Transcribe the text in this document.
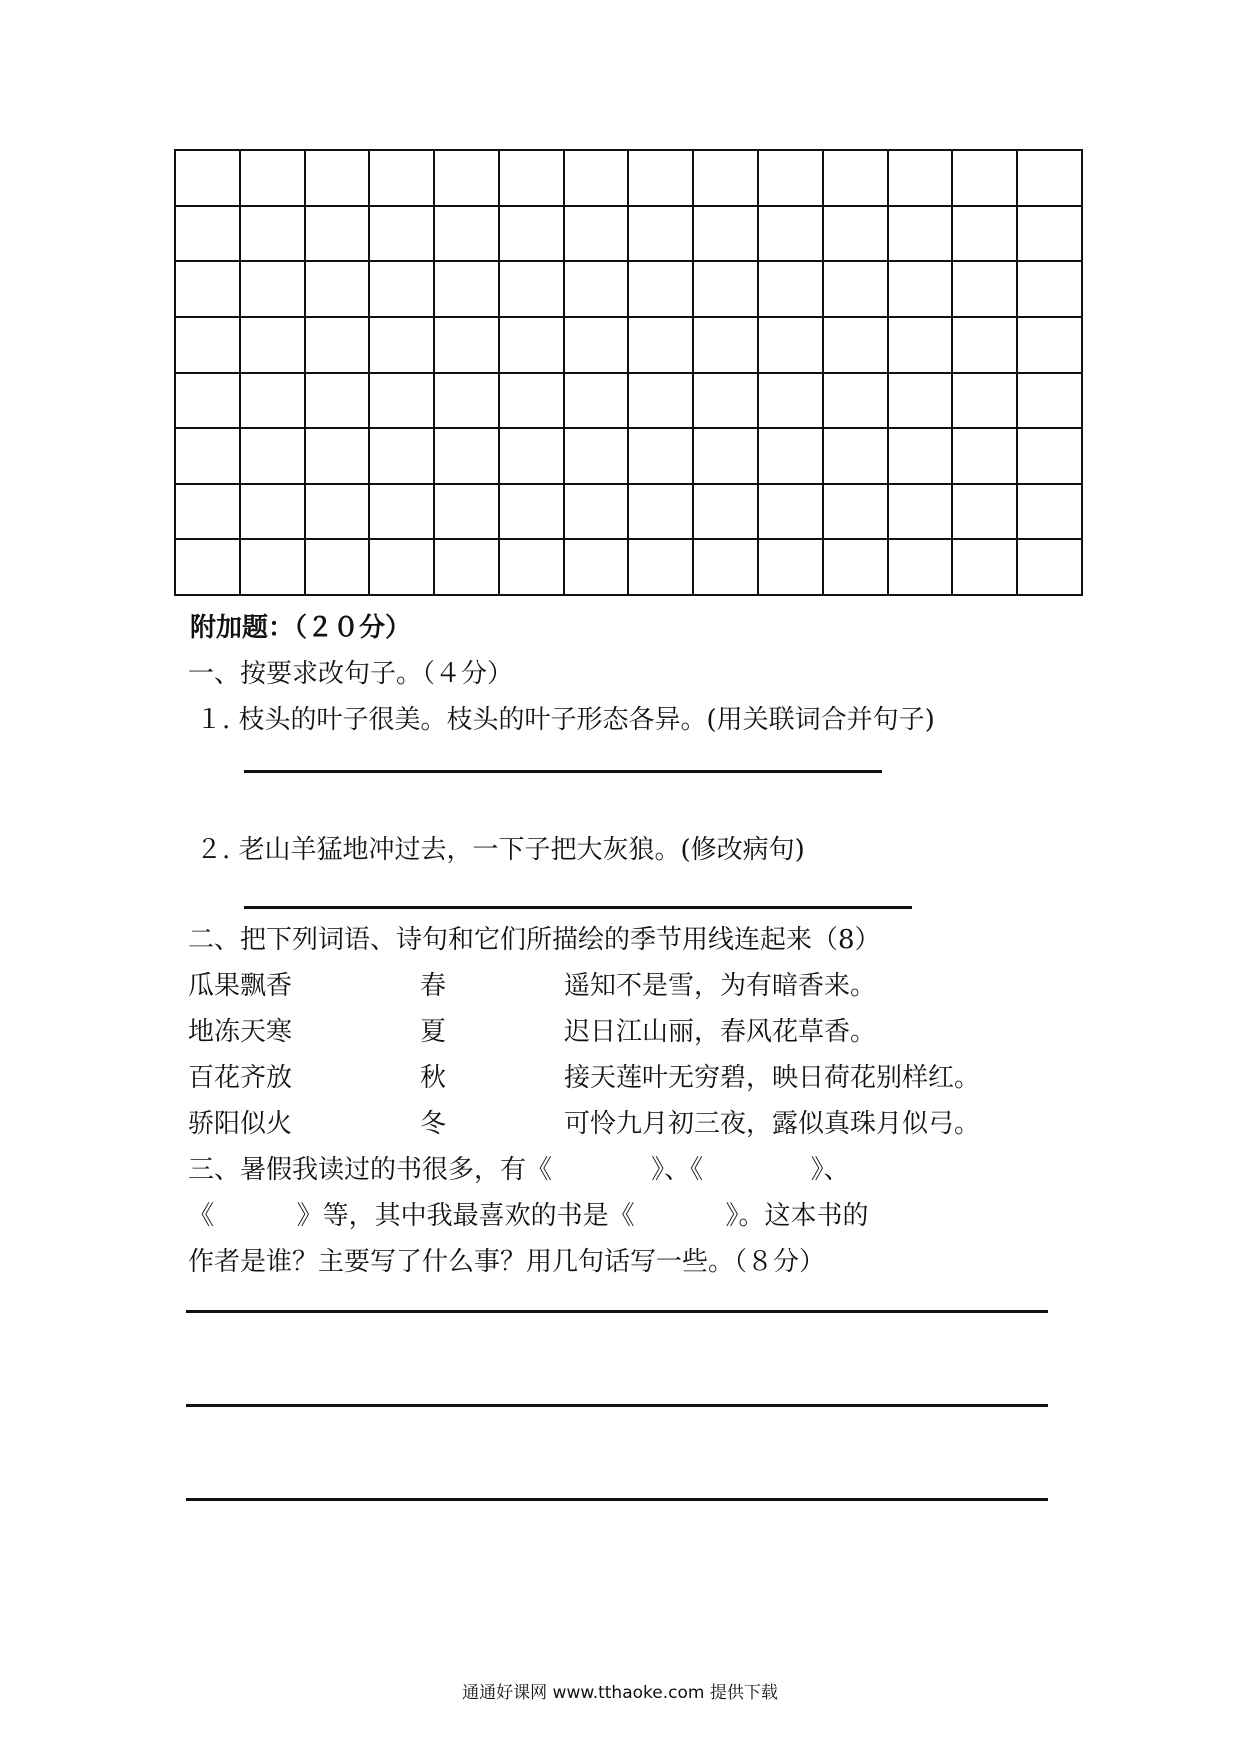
附加题：（２０分）
一、按要求改句子。（４分）
１. 枝头的叶子很美。枝头的叶子形态各异。(用关联词合并句子)
２. 老山羊猛地冲过去，一下子把大灰狼。(修改病句)
二、把下列词语、诗句和它们所描绘的季节用线连起来（8）
瓜果飘香	春	遥知不是雪，为有暗香来。
地冻天寒	夏	迟日江山丽，春风花草香。
百花齐放	秋	接天莲叶无穷碧，映日荷花别样红。
骄阳似火	冬	可怜九月初三夜，露似真珠月似弓。
三、暑假我读过的书很多，有《            》、《             》、
《          》等，其中我最喜欢的书是《           》。这本书的
作者是谁？主要写了什么事？用几句话写一些。（８分）
通通好课网 www.tthaoke.com 提供下载
